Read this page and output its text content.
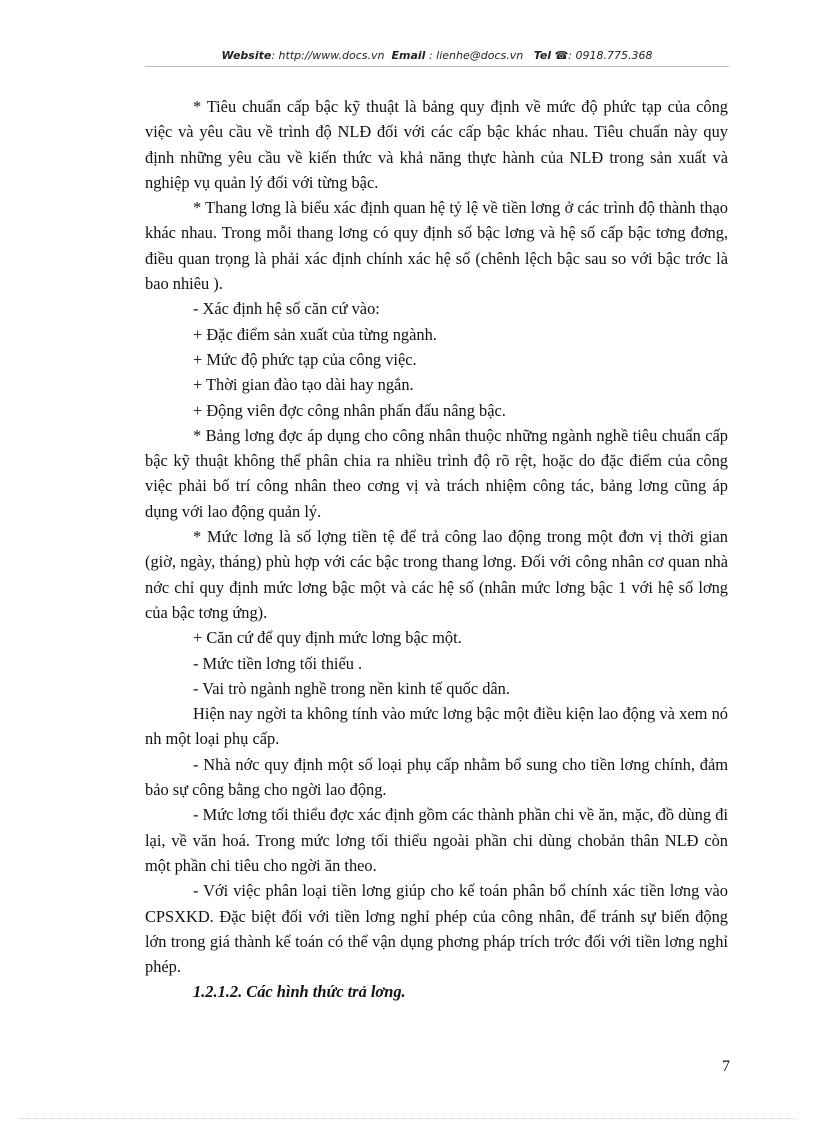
Website: http://www.docs.vn Email : lienhe@docs.vn Tel ☎: 0918.775.368

* Tiêu chuẩn cấp bậc kỹ thuật là bảng quy định về mức độ phức tạp của công việc và yêu cầu về trình độ NLĐ đối với các cấp bậc khác nhau. Tiêu chuẩn này quy định những yêu cầu về kiến thức và khả năng thực hành của NLĐ trong sản xuất và nghiệp vụ quản lý đối với từng bậc.

* Thang lơng là biểu xác định quan hệ tỷ lệ về tiền lơng ở các trình độ thành thạo khác nhau. Trong mỗi thang lơng có quy định số bậc lơng và hệ số cấp bậc tơng đơng, điều quan trọng là phải xác định chính xác hệ số (chênh lệch bậc sau so với bậc trớc là bao nhiêu ).

- Xác định hệ số căn cứ vào:

+ Đặc điểm sản xuất của từng ngành.

+ Mức độ phức tạp của công việc.

+ Thời gian đào tạo dài hay ngắn.

+ Động viên đợc công nhân phấn đấu nâng bậc.

* Bảng lơng đợc áp dụng cho công nhân thuộc những ngành nghề tiêu chuẩn cấp bậc kỹ thuật không thể phân chia ra nhiều trình độ rõ rệt, hoặc do đặc điểm của công việc phải bố trí công nhân theo cơng vị và trách nhiệm công tác, bảng lơng cũng áp dụng với lao động quản lý.

* Mức lơng là số lợng tiền tệ để trả công lao động trong một đơn vị thời gian (giờ, ngày, tháng) phù hợp với các bậc trong thang lơng. Đối với công nhân cơ quan nhà nớc chỉ quy định mức lơng bậc một và các hệ số (nhân mức lơng bậc 1 với hệ số lơng của bậc tơng ứng).

+ Căn cứ để quy định mức lơng bậc một.

- Mức tiền lơng tối thiểu .

- Vai trò ngành nghề trong nền kinh tế quốc dân.

Hiện nay ngời ta không tính vào mức lơng bậc một điều kiện lao động và xem nó nh một loại phụ cấp.

- Nhà nớc quy định một số loại phụ cấp nhằm bổ sung cho tiền lơng chính, đảm bảo sự công bằng cho ngời lao động.

- Mức lơng tối thiểu đợc xác định gồm các thành phần chi về ăn, mặc, đồ dùng đi lại, về văn hoá. Trong mức lơng tối thiểu ngoài phần chi dùng chobản thân NLĐ còn một phần chi tiêu cho ngời ăn theo.

- Với việc phân loại tiền lơng giúp cho kế toán phân bổ chính xác tiền lơng vào CPSXKD. Đặc biệt đối với tiền lơng nghỉ phép của công nhân, để tránh sự biến động lớn trong giá thành kế toán có thể vận dụng phơng pháp trích trớc đối với tiền lơng nghỉ phép.

1.2.1.2. Các hình thức trả lơng.

7
